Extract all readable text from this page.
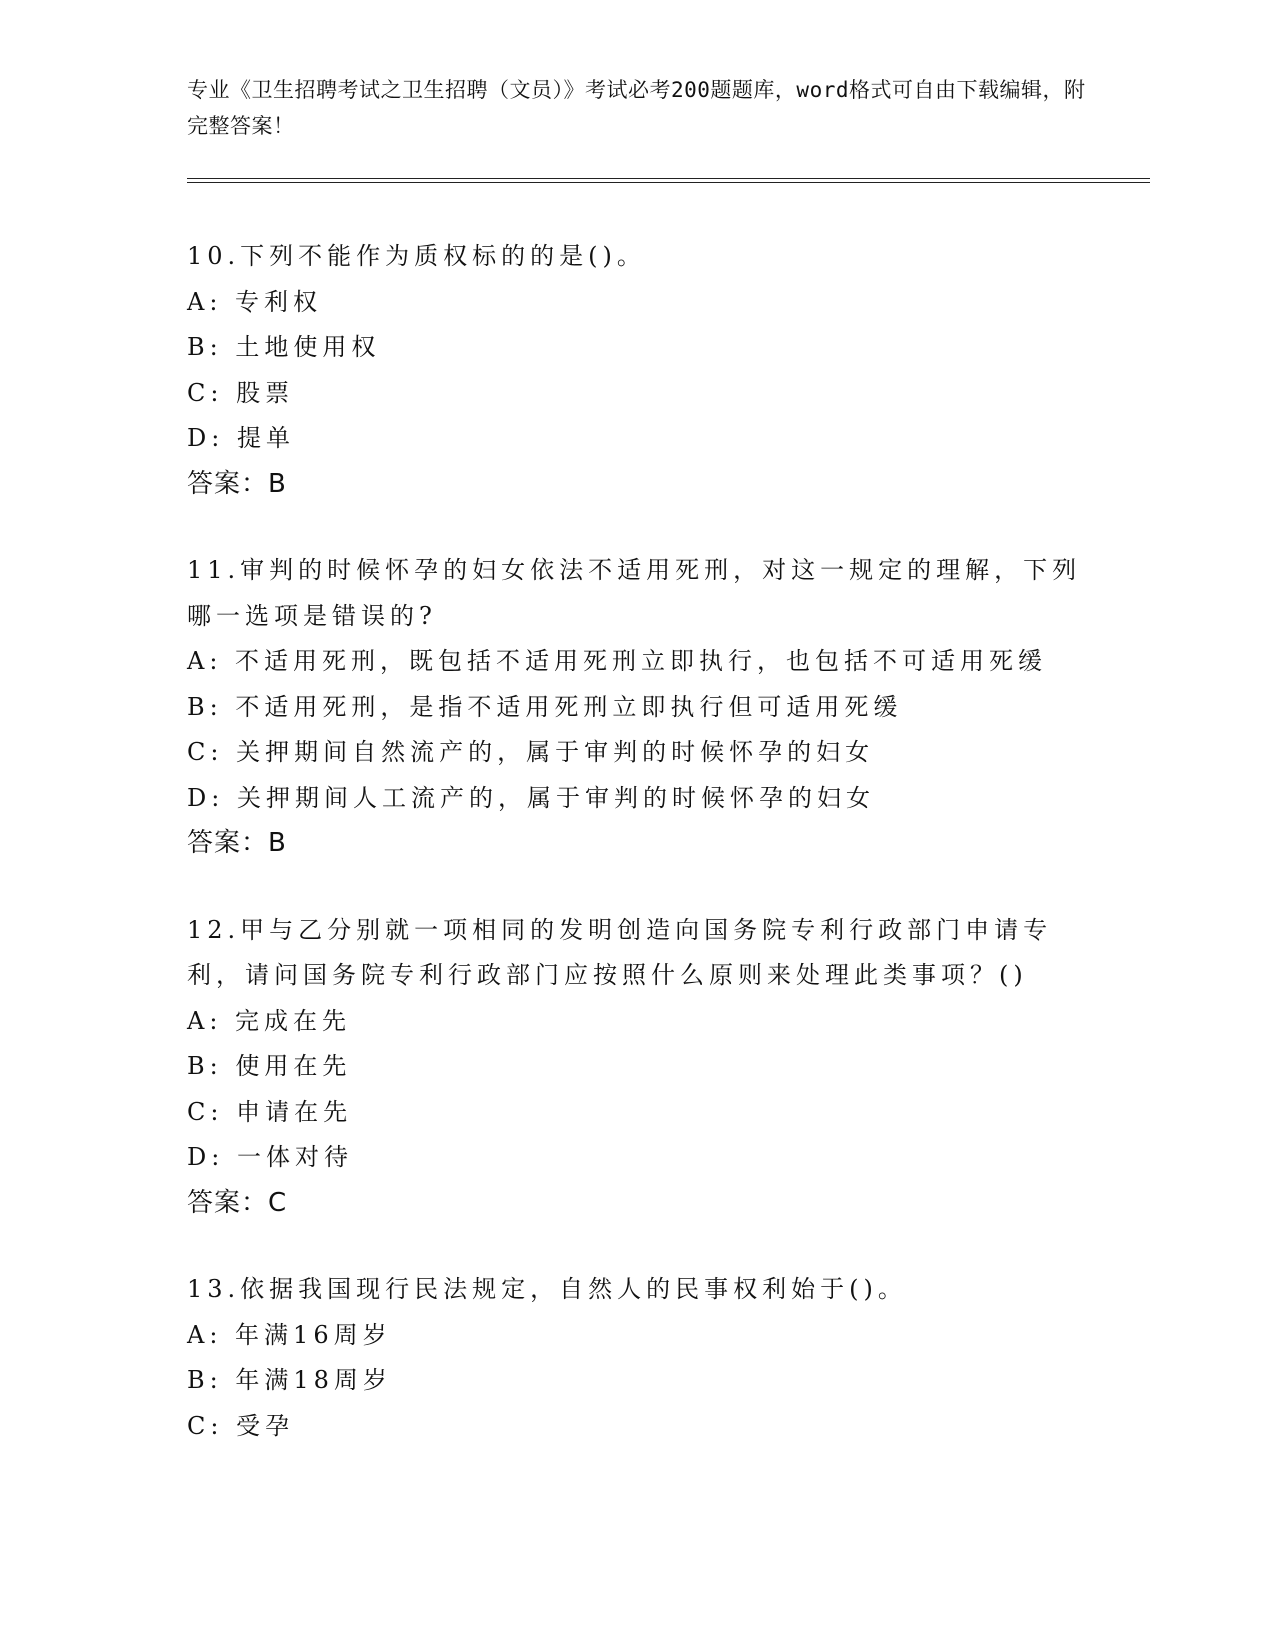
专业《卫生招聘考试之卫生招聘（文员）》考试必考200题题库，word格式可自由下载编辑，附完整答案！
10.下列不能作为质权标的的是()。
A: 专利权
B: 土地使用权
C: 股票
D: 提单
答案：B
11.审判的时候怀孕的妇女依法不适用死刑，对这一规定的理解，下列哪一选项是错误的?
A: 不适用死刑，既包括不适用死刑立即执行，也包括不可适用死缓
B: 不适用死刑，是指不适用死刑立即执行但可适用死缓
C: 关押期间自然流产的，属于审判的时候怀孕的妇女
D: 关押期间人工流产的，属于审判的时候怀孕的妇女
答案：B
12.甲与乙分别就一项相同的发明创造向国务院专利行政部门申请专利，请问国务院专利行政部门应按照什么原则来处理此类事项？()
A: 完成在先
B: 使用在先
C: 申请在先
D: 一体对待
答案：C
13.依据我国现行民法规定，自然人的民事权利始于()。
A: 年满16周岁
B: 年满18周岁
C: 受孕
